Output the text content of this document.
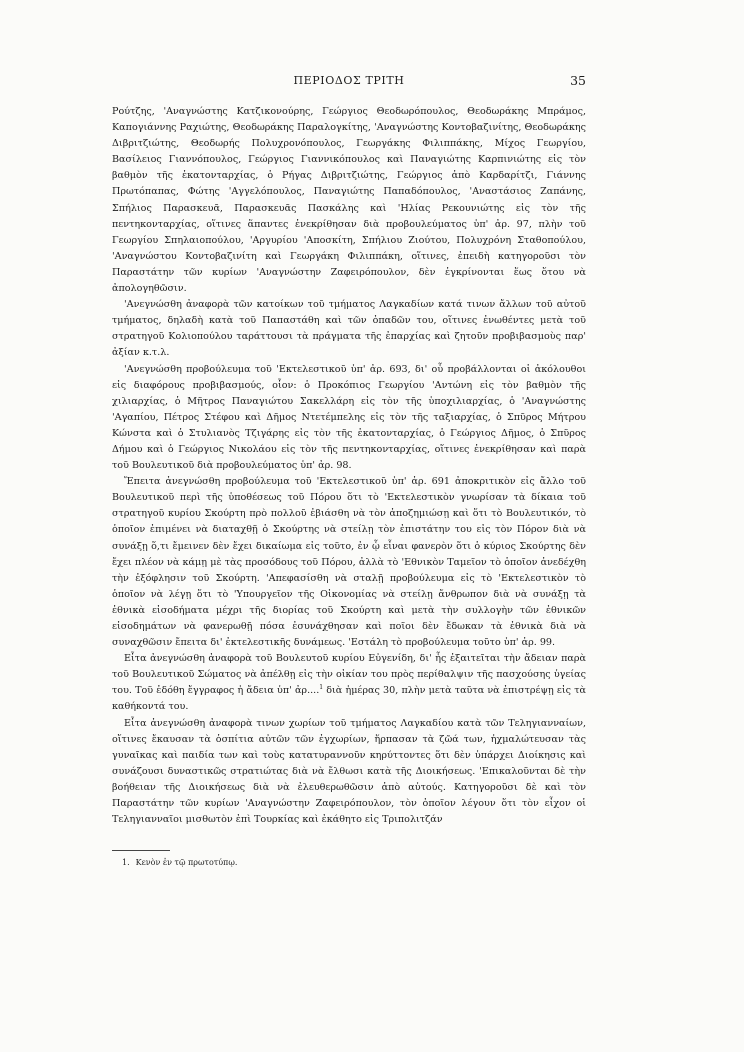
ΠΕΡΙΟΔΟΣ ΤΡΙΤΗ	35

Ρούτζης, 'Αναγνώστης Κατζικονούρης, Γεώργιος Θεοδωρόπουλος, Θεοδωράκης Μπράμος, Καπογιάννης Ραχιώτης, Θεοδωράκης Παραλογκίτης, 'Αναγνώστης Κοντοβαζινίτης, Θεοδωράκης Διβριτζιώτης, Θεοδωρής Πολυχρονόπουλος, Γεωργάκης Φιλιππάκης, Μίχος Γεωργίου, Βασίλειος Γιαννόπουλος, Γεώργιος Γιαννικόπουλος καὶ Παναγιώτης Καρπινιώτης εἰς τὸν βαθμὸν τῆς ἑκατονταρχίας, ὁ Ρήγας Διβριτζιώτης, Γεώργιος ἀπὸ Καρδαρίτζι, Γιάννης Πρωτόπαπας, Φώτης 'Αγγελόπουλος, Παναγιώτης Παπαδόπουλος, 'Αναστάσιος Ζαπάνης, Σπήλιος Παρασκευᾶ, Παρασκευᾶς Πασκάλης καὶ 'Ηλίας Ρεκουνιώτης εἰς τὸν τῆς πεντηκονταρχίας, οἵτινες ἅπαντες ἐνεκρίθησαν διὰ προβουλεύματος ὑπ' ἀρ. 97, πλὴν τοῦ Γεωργίου Σπηλαιοπούλου, 'Αργυρίου 'Αποσκίτη, Σπήλιου Ζιούτου, Πολυχρόνη Σταθοπούλου, 'Αναγνώστου Κοντοβαζινίτη καὶ Γεωργάκη Φιλιππάκη, οἵτινες, ἐπειδὴ κατηγοροῦσι τὸν Παραστάτην τῶν κυρίων 'Αναγνώστην Ζαφειρόπουλον, δὲν ἐγκρίνονται ἕως ὅτου νὰ ἀπολογηθῶσιν.

'Ανεγνώσθη ἀναφορὰ τῶν κατοίκων τοῦ τμήματος Λαγκαδίων κατά τινων ἄλλων τοῦ αὐτοῦ τμήματος, δηλαδὴ κατὰ τοῦ Παπαστάθη καὶ τῶν ὀπαδῶν του, οἵτινες ἐνωθέντες μετὰ τοῦ στρατηγοῦ Κολιοπούλου ταράττουσι τὰ πράγματα τῆς ἐπαρχίας καὶ ζητοῦν προβιβασμοὺς παρ' ἀξίαν κ.τ.λ.

'Ανεγνώσθη προβούλευμα τοῦ 'Εκτελεστικοῦ ὑπ' ἀρ. 693, δι' οὗ προβάλλονται οἱ ἀκόλουθοι εἰς διαφόρους προβιβασμούς, οἷον: ὁ Προκόπιος Γεωργίου 'Αντώνη εἰς τὸν βαθμὸν τῆς χιλιαρχίας, ὁ Μῆτρος Παναγιώτου Σακελλάρη εἰς τὸν τῆς ὑποχιλιαρχίας, ὁ 'Αναγνώστης 'Αγαπίου, Πέτρος Στέφου καὶ Δῆμος Ντετέμπελης εἰς τὸν τῆς ταξιαρχίας, ὁ Σπῦρος Μήτρου Κώνστα καὶ ὁ Στυλιανὸς Τζιγάρης εἰς τὸν τῆς ἑκατονταρχίας, ὁ Γεώργιος Δῆμος, ὁ Σπῦρος Δήμου καὶ ὁ Γεώργιος Νικολάου εἰς τὸν τῆς πεντηκονταρχίας, οἵτινες ἐνεκρίθησαν καὶ παρὰ τοῦ Βουλευτικοῦ διὰ προβουλεύματος ὑπ' ἀρ. 98.

Ἔπειτα ἀνεγνώσθη προβούλευμα τοῦ 'Εκτελεστικοῦ ὑπ' ἀρ. 691 ἀποκριτικὸν εἰς ἄλλο τοῦ Βουλευτικοῦ περὶ τῆς ὑποθέσεως τοῦ Πόρου ὅτι τὸ 'Εκτελεστικὸν γνωρίσαν τὰ δίκαια τοῦ στρατηγοῦ κυρίου Σκούρτη πρὸ πολλοῦ ἐβιάσθη νὰ τὸν ἀποζημιώσῃ καὶ ὅτι τὸ Βουλευτικόν, τὸ ὁποῖον ἐπιμένει νὰ διαταχθῇ ὁ Σκούρτης νὰ στείλῃ τὸν ἐπιστάτην του εἰς τὸν Πόρον διὰ νὰ συνάξῃ ὅ,τι ἔμεινεν δὲν ἔχει δικαίωμα εἰς τοῦτο, ἐν ᾧ εἶναι φανερὸν ὅτι ὁ κύριος Σκούρτης δὲν ἔχει πλέον νὰ κάμῃ μὲ τὰς προσόδους τοῦ Πόρου, ἀλλὰ τὸ 'Εθνικὸν Ταμεῖον τὸ ὁποῖον ἀνεδέχθη τὴν ἐξόφλησιν τοῦ Σκούρτη. 'Απεφασίσθη νὰ σταλῇ προβούλευμα εἰς τὸ 'Εκτελεστικὸν τὸ ὁποῖον νὰ λέγῃ ὅτι τὸ 'Υπουργεῖον τῆς Οἰκονομίας νὰ στείλῃ ἄνθρωπον διὰ νὰ συνάξῃ τὰ ἐθνικὰ εἰσοδήματα μέχρι τῆς διορίας τοῦ Σκούρτη καὶ μετὰ τὴν συλλογὴν τῶν ἐθνικῶν εἰσοδημάτων νὰ φανερωθῇ πόσα ἐσυνάχθησαν καὶ ποῖοι δὲν ἔδωκαν τὰ ἐθνικὰ διὰ νὰ συναχθῶσιν ἔπειτα δι' ἐκτελεστικῆς δυνάμεως. 'Εστάλη τὸ προβούλευμα τοῦτο ὑπ' ἀρ. 99.

Εἶτα ἀνεγνώσθη ἀναφορὰ τοῦ Βουλευτοῦ κυρίου Εὐγενίδη, δι' ἧς ἐξαιτεῖται τὴν ἄδειαν παρὰ τοῦ Βουλευτικοῦ Σώματος νὰ ἀπέλθῃ εἰς τὴν οἰκίαν του πρὸς περίθαλψιν τῆς πασχούσης ὑγείας του. Τοῦ ἐδόθη ἔγγραφος ἡ ἄδεια ὑπ' ἀρ....$^1$ διὰ ἡμέρας 30, πλὴν μετὰ ταῦτα νὰ ἐπιστρέψῃ εἰς τὰ καθήκοντά του.

Εἶτα ἀνεγνώσθη ἀναφορὰ τινων χωρίων τοῦ τμήματος Λαγκαδίου κατὰ τῶν Τεληγιανναίων, οἵτινες ἔκαυσαν τὰ ὁσπίτια αὐτῶν τῶν ἐγχωρίων, ἥρπασαν τὰ ζῶά των, ἠχμαλώτευσαν τὰς γυναῖκας καὶ παιδία των καὶ τοὺς κατατυραννοῦν κηρύττοντες ὅτι δὲν ὑπάρχει Διοίκησις καὶ συνάζουσι δυναστικῶς στρατιώτας διὰ νὰ ἔλθωσι κατὰ τῆς Διοικήσεως. 'Επικαλοῦνται δὲ τὴν βοήθειαν τῆς Διοικήσεως διὰ νὰ ἐλευθερωθῶσιν ἀπὸ αὐτούς. Κατηγοροῦσι δὲ καὶ τὸν Παραστάτην τῶν κυρίων 'Αναγνώστην Ζαφειρόπουλον, τὸν ὁποῖον λέγουν ὅτι τὸν εἶχον οἱ Τεληγιανναῖοι μισθωτὸν ἐπὶ Τουρκίας καὶ ἐκάθητο εἰς Τριπολιτζάν

1. Κενὸν ἐν τῷ πρωτοτύπῳ.
